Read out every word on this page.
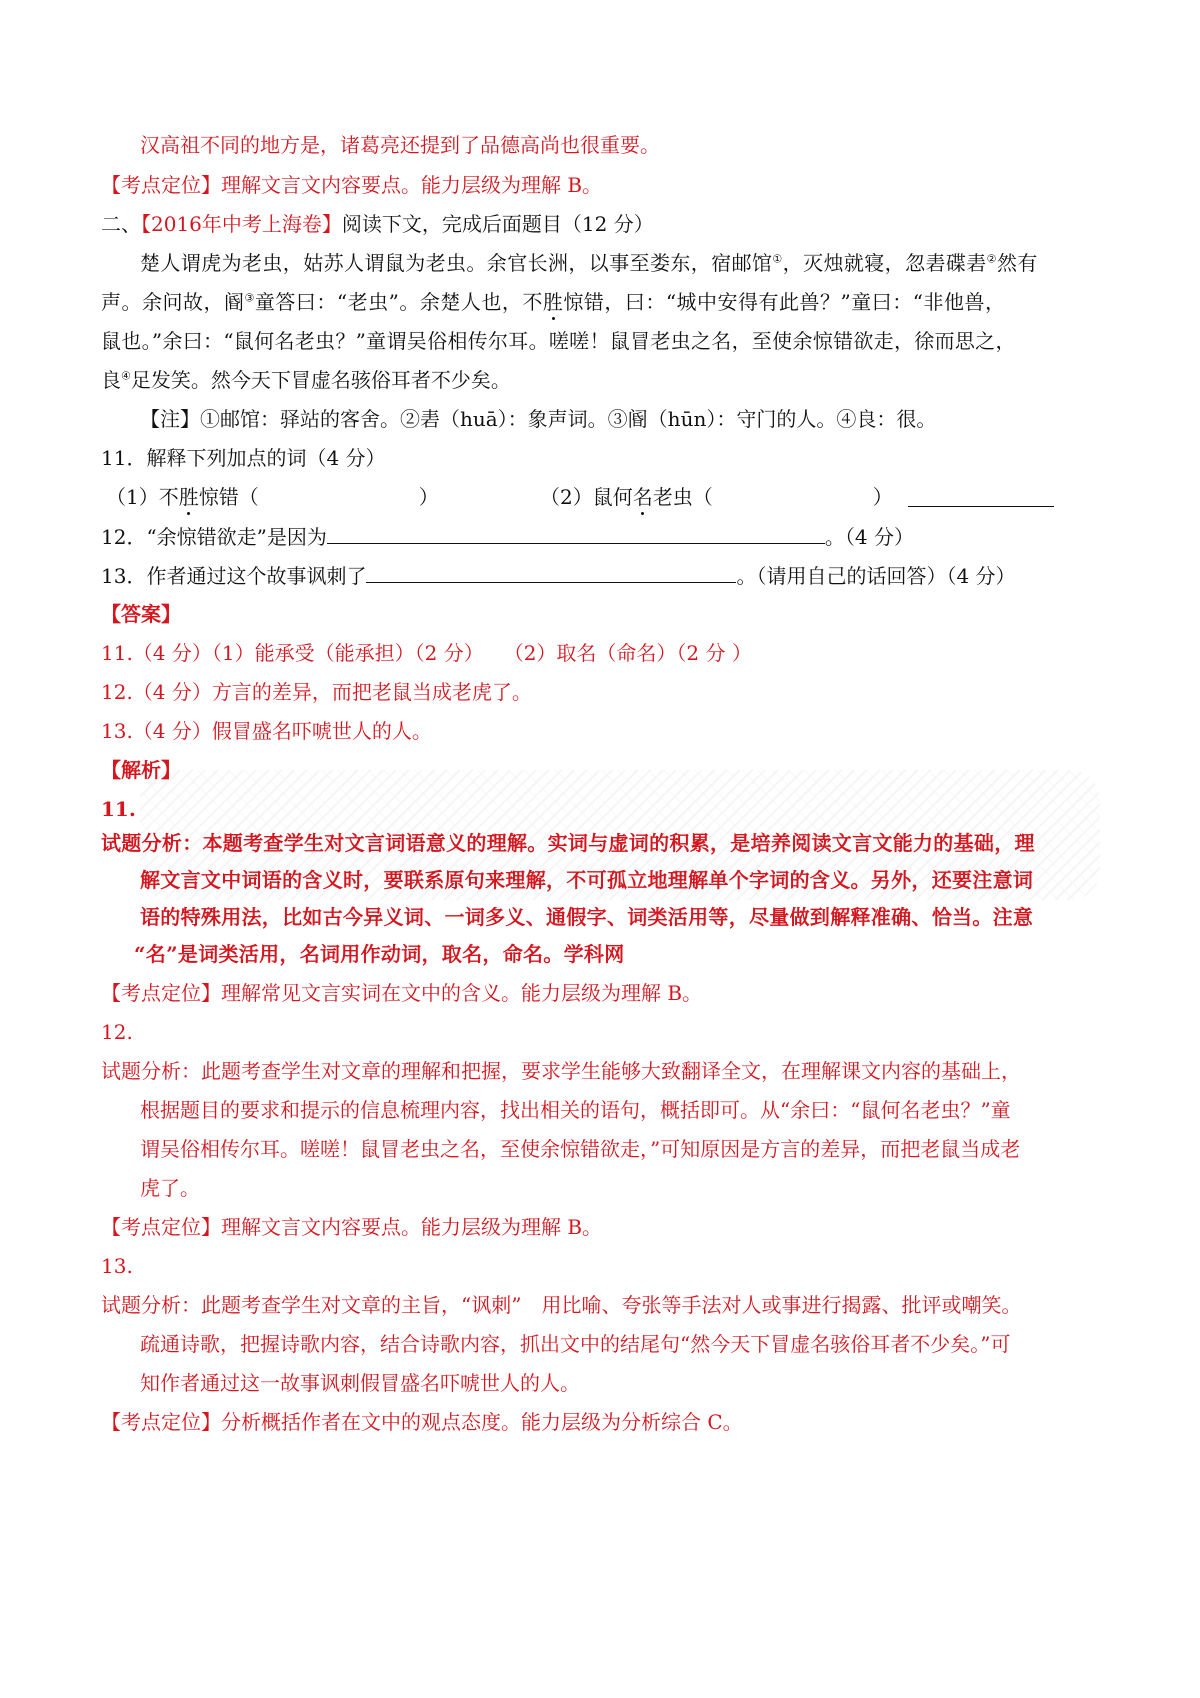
汉高祖不同的地方是，诸葛亮还提到了品德高尚也很重要。

【考点定位】理解文言文内容要点。能力层级为理解 B。

二、【2016年中考上海卷】阅读下文，完成后面题目（12 分）

楚人谓虎为老虫，姑苏人谓鼠为老虫。余官长洲，以事至娄东，宿邮馆①，灭烛就寝，忽砉碟砉②然有

声。余问故，阍③童答曰：“老虫”。余楚人也，不胜惊错，曰：“城中安得有此兽？”童曰：“非他兽，

鼠也。”余曰：“鼠何名老虫？”童谓吴俗相传尔耳。嗟嗟！鼠冒老虫之名，至使余惊错欲走，徐而思之，

良④足发笑。然今天下冒虚名骇俗耳者不少矣。

【注】①邮馆：驿站的客舍。②砉（huā）：象声词。③阍（hūn）：守门的人。④良：很。

11．解释下列加点的词（4 分）

（1）不胜惊错（	）	（2）鼠何名老虫（	）

12．“余惊错欲走”是因为	。（4 分）

13．作者通过这个故事讽刺了	。（请用自己的话回答）（4 分）

【答案】

11.（4 分）（1）能承受（能承担）（2 分）　　（2）取名（命名）（2 分 ）

12.（4 分）方言的差异，而把老鼠当成老虎了。

13.（4 分）假冒盛名吓唬世人的人。

【解析】

11.

试题分析：本题考查学生对文言词语意义的理解。实词与虚词的积累，是培养阅读文言文能力的基础，理

解文言文中词语的含义时，要联系原句来理解，不可孤立地理解单个字词的含义。另外，还要注意词

语的特殊用法，比如古今异义词、一词多义、通假字、词类活用等，尽量做到解释准确、恰当。注意

“名”是词类活用，名词用作动词，取名，命名。学科网

【考点定位】理解常见文言实词在文中的含义。能力层级为理解 B。

12.

试题分析：此题考查学生对文章的理解和把握，要求学生能够大致翻译全文，在理解课文内容的基础上，

根据题目的要求和提示的信息梳理内容，找出相关的语句，概括即可。从“余曰：“鼠何名老虫？”童

谓吴俗相传尔耳。嗟嗟！鼠冒老虫之名，至使余惊错欲走，”可知原因是方言的差异，而把老鼠当成老

虎了。

【考点定位】理解文言文内容要点。能力层级为理解 B。

13.

试题分析：此题考查学生对文章的主旨，“讽刺”　用比喻、夸张等手法对人或事进行揭露、批评或嘲笑。

疏通诗歌，把握诗歌内容，结合诗歌内容，抓出文中的结尾句“然今天下冒虚名骇俗耳者不少矣。”可

知作者通过这一故事讽刺假冒盛名吓唬世人的人。

【考点定位】分析概括作者在文中的观点态度。能力层级为分析综合 C。
